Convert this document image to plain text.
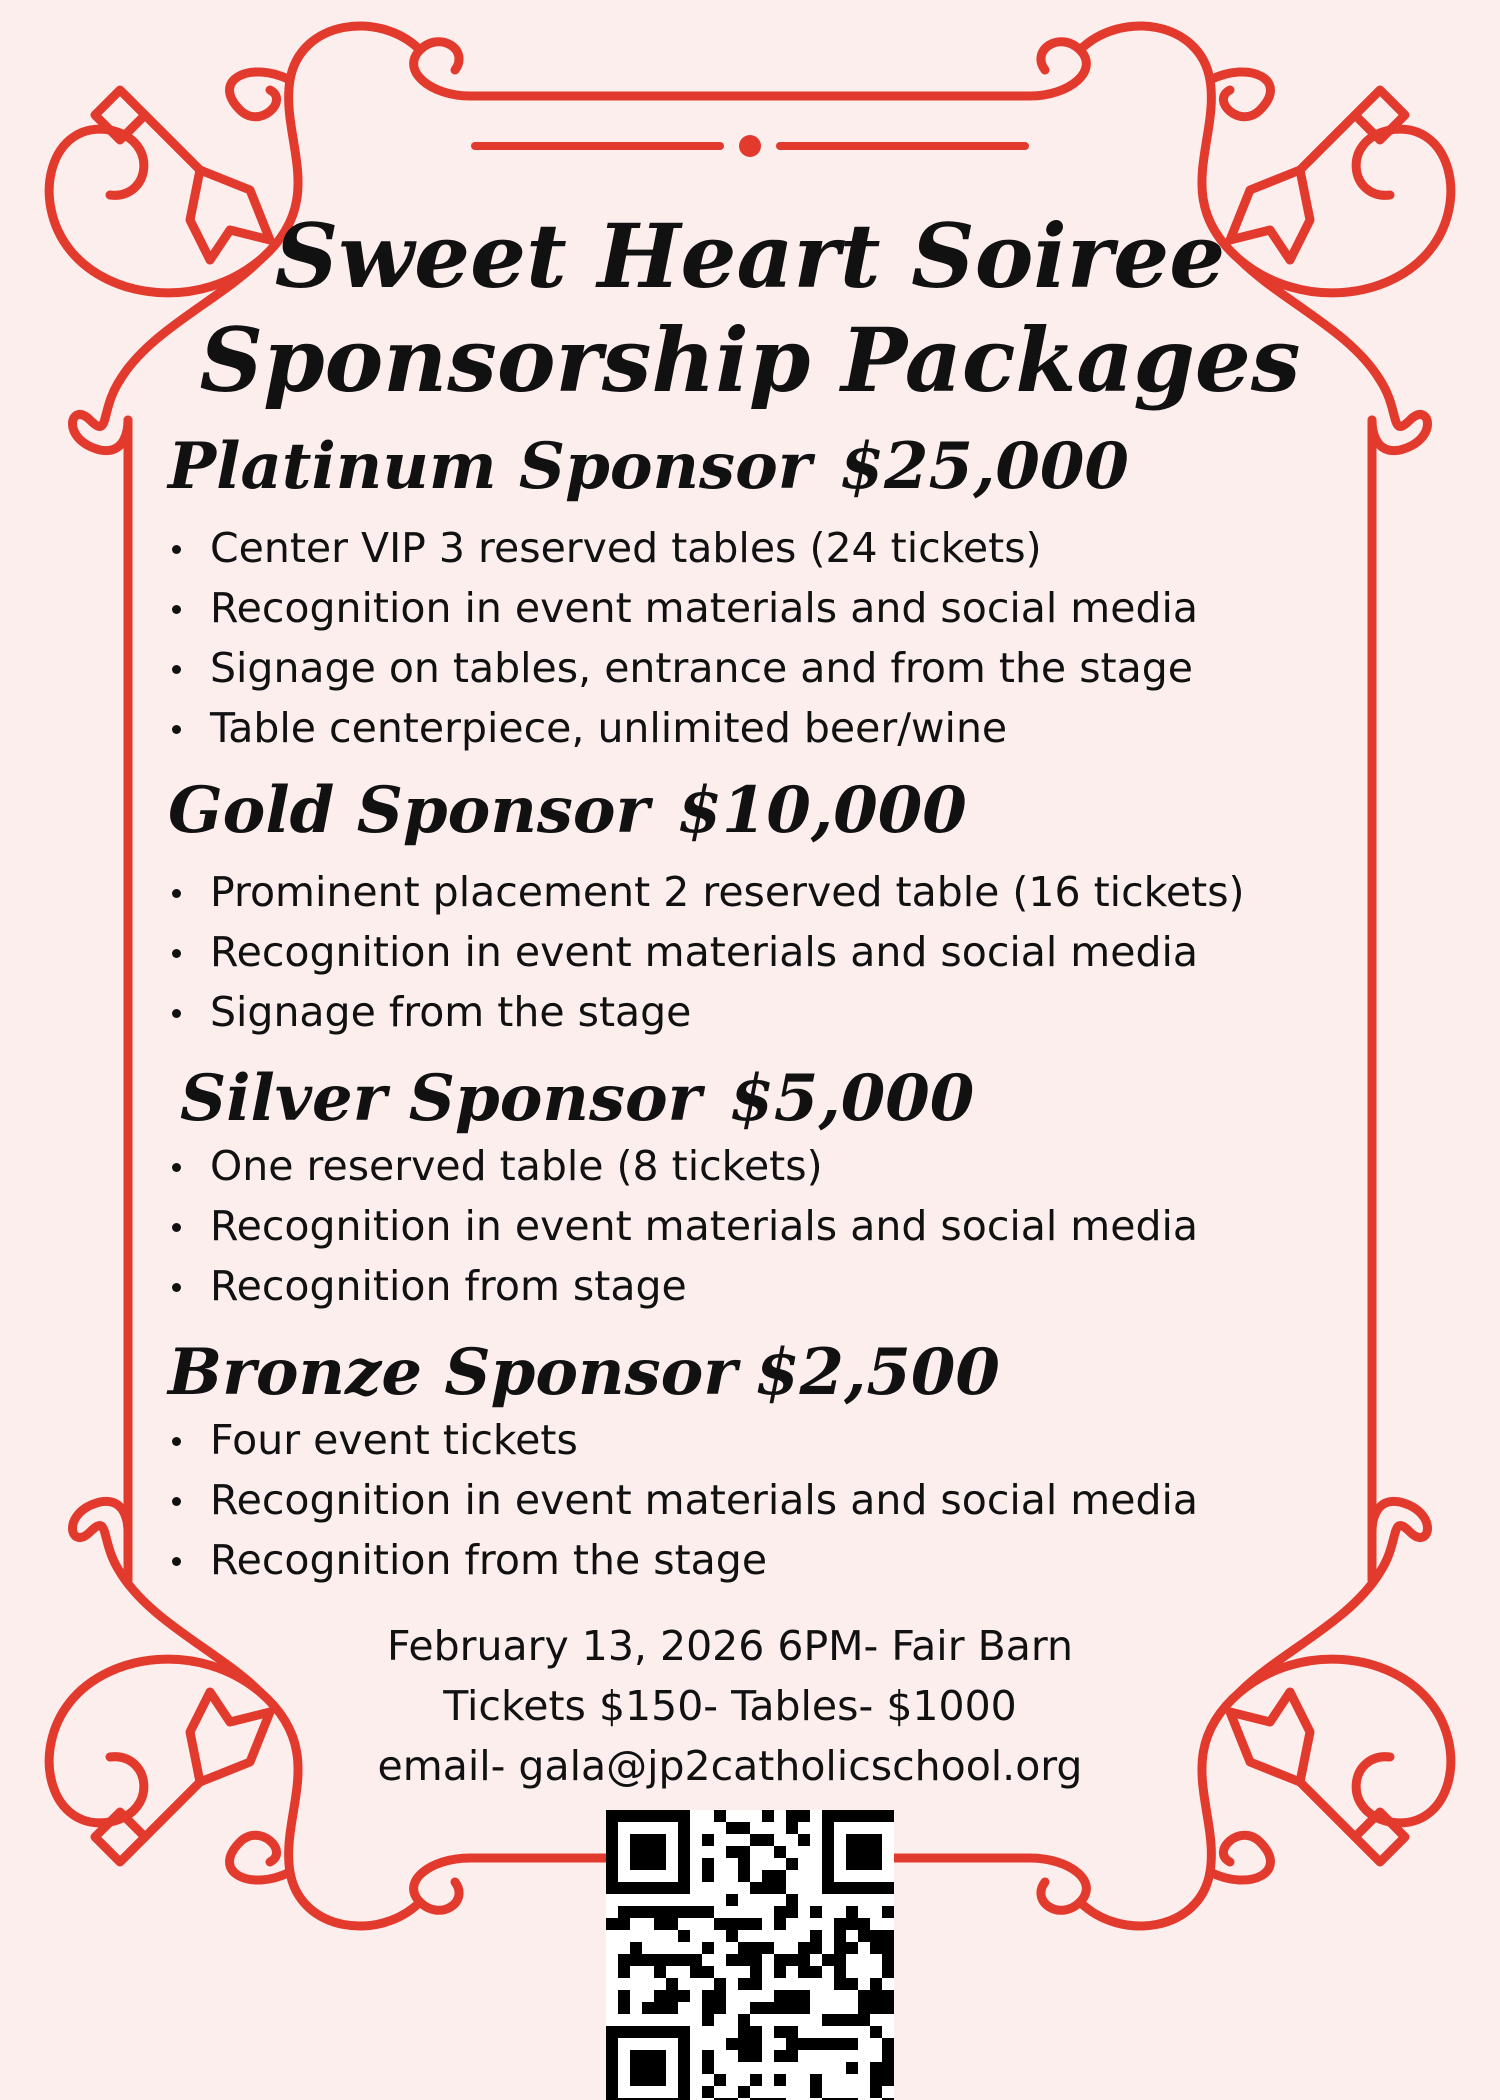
Sweet Heart Soiree
Sponsorship Packages
Platinum Sponsor $25,000
Center VIP 3 reserved tables (24 tickets)
Recognition in event materials and social media
Signage on tables, entrance and from the stage
Table centerpiece, unlimited beer/wine
Gold Sponsor $10,000
Prominent placement 2 reserved table (16 tickets)
Recognition in event materials and social media
Signage from the stage
Silver Sponsor $5,000
One reserved table (8 tickets)
Recognition in event materials and social media
Recognition from stage
Bronze Sponsor $2,500
Four event tickets
Recognition in event materials and social media
Recognition from the stage
February 13, 2026 6PM- Fair Barn
Tickets $150- Tables- $1000
email- gala@jp2catholicschool.org
